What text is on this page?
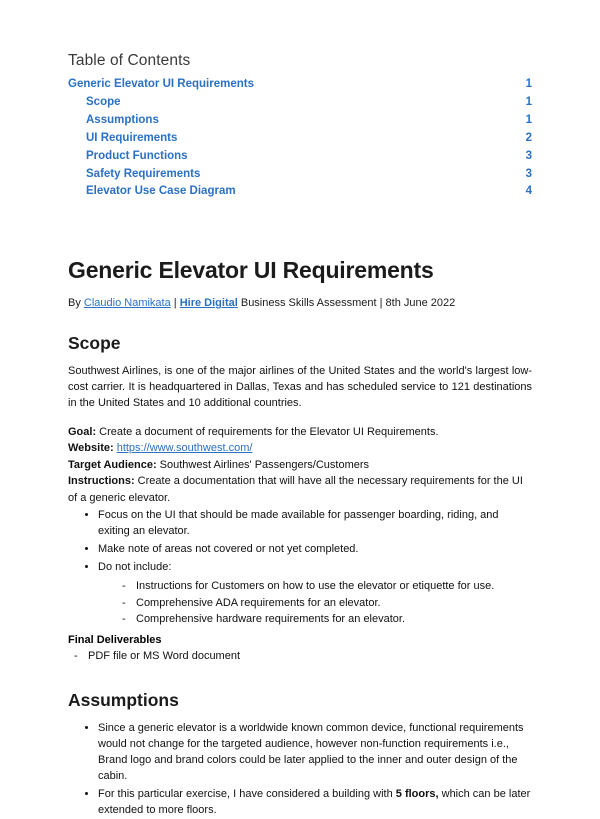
Table of Contents
Generic Elevator UI Requirements	1
Scope	1
Assumptions	1
UI Requirements	2
Product Functions	3
Safety Requirements	3
Elevator Use Case Diagram	4
Generic Elevator UI Requirements
By Claudio Namikata | Hire Digital Business Skills Assessment | 8th June 2022
Scope

Southwest Airlines, is one of the major airlines of the United States and the world's largest low-cost carrier. It is headquartered in Dallas, Texas and has scheduled service to 121 destinations in the United States and 10 additional countries.

Goal: Create a document of requirements for the Elevator UI Requirements.

Website: https://www.southwest.com/

Target Audience: Southwest Airlines' Passengers/Customers

Instructions: Create a documentation that will have all the necessary requirements for the UI of a generic elevator.

• Focus on the UI that should be made available for passenger boarding, riding, and exiting an elevator.
• Make note of areas not covered or not yet completed.
• Do not include:
- Instructions for Customers on how to use the elevator or etiquette for use.
- Comprehensive ADA requirements for an elevator.
- Comprehensive hardware requirements for an elevator.

Final Deliverables

- PDF file or MS Word document
Assumptions
• Since a generic elevator is a worldwide known common device, functional requirements would not change for the targeted audience, however non-function requirements i.e., Brand logo and brand colors could be later applied to the inner and outer design of the cabin.
• For this particular exercise, I have considered a building with 5 floors, which can be later extended to more floors.
